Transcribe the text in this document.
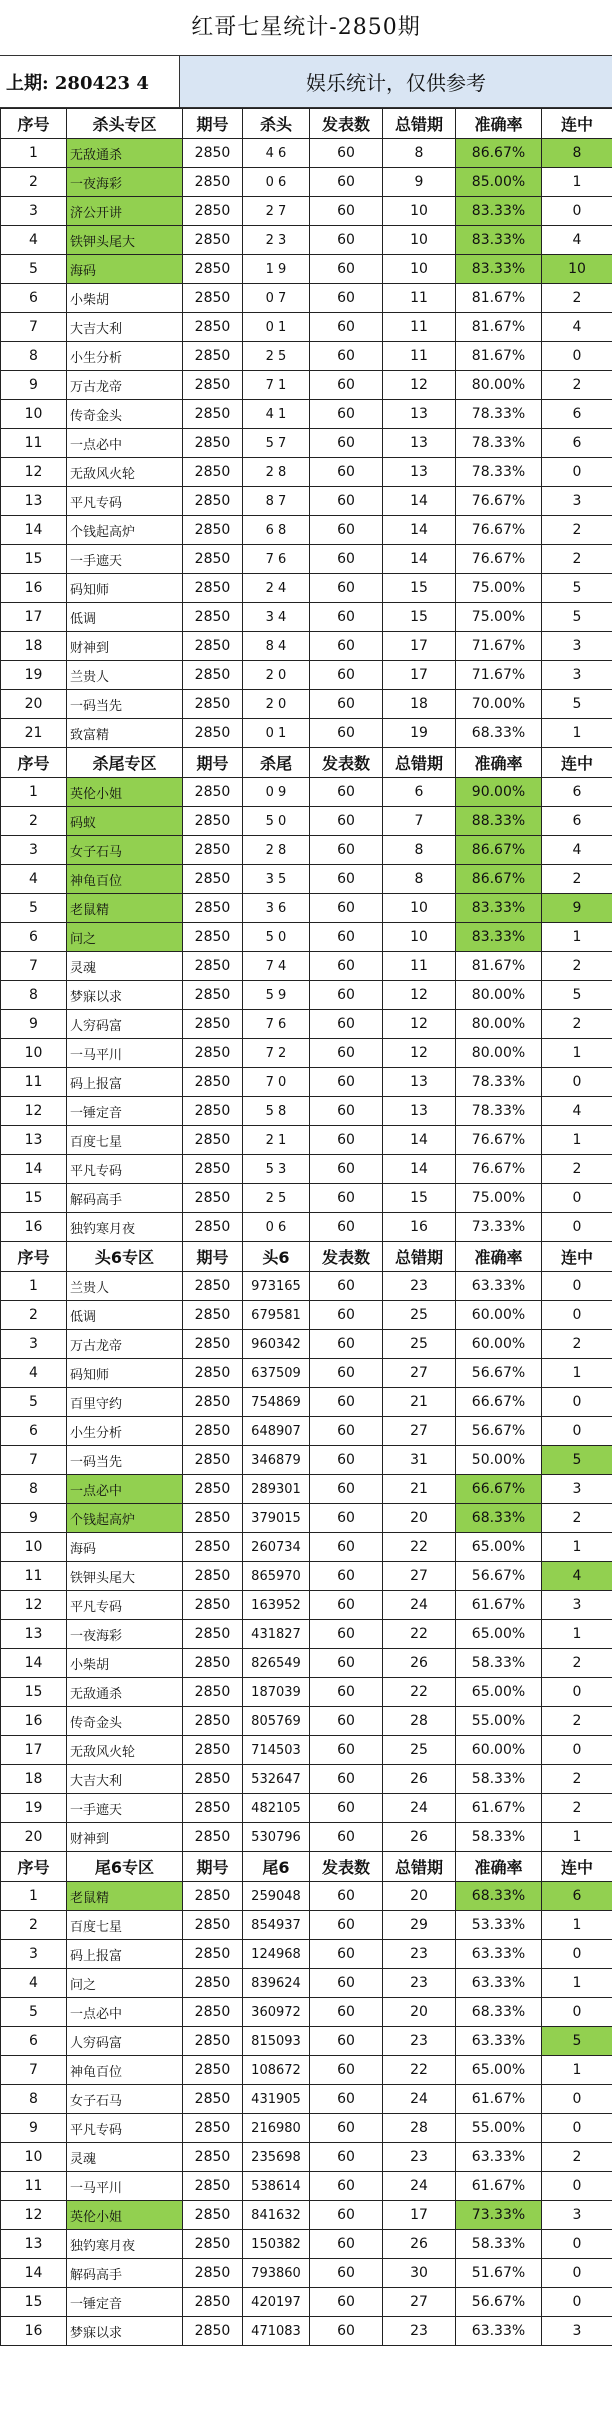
红哥七星统计-2850期
上期: 280423 4	娱乐统计，仅供参考
序号	杀头专区	期号	杀头	发表数	总错期	准确率	连中
1	无敌通杀	2850	4 6	60	8	86.67%	8
2	一夜海彩	2850	0 6	60	9	85.00%	1
3	济公开讲	2850	2 7	60	10	83.33%	0
4	铁钾头尾大	2850	2 3	60	10	83.33%	4
5	海码	2850	1 9	60	10	83.33%	10
6	小柴胡	2850	0 7	60	11	81.67%	2
7	大吉大利	2850	0 1	60	11	81.67%	4
8	小生分析	2850	2 5	60	11	81.67%	0
9	万古龙帝	2850	7 1	60	12	80.00%	2
10	传奇金头	2850	4 1	60	13	78.33%	6
11	一点必中	2850	5 7	60	13	78.33%	6
12	无敌风火轮	2850	2 8	60	13	78.33%	0
13	平凡专码	2850	8 7	60	14	76.67%	3
14	个钱起高炉	2850	6 8	60	14	76.67%	2
15	一手遮天	2850	7 6	60	14	76.67%	2
16	码知师	2850	2 4	60	15	75.00%	5
17	低调	2850	3 4	60	15	75.00%	5
18	财神到	2850	8 4	60	17	71.67%	3
19	兰贵人	2850	2 0	60	17	71.67%	3
20	一码当先	2850	2 0	60	18	70.00%	5
21	致富精	2850	0 1	60	19	68.33%	1
序号	杀尾专区	期号	杀尾	发表数	总错期	准确率	连中
1	英伦小姐	2850	0 9	60	6	90.00%	6
2	码蚁	2850	5 0	60	7	88.33%	6
3	女子石马	2850	2 8	60	8	86.67%	4
4	神龟百位	2850	3 5	60	8	86.67%	2
5	老鼠精	2850	3 6	60	10	83.33%	9
6	问之	2850	5 0	60	10	83.33%	1
7	灵魂	2850	7 4	60	11	81.67%	2
8	梦寐以求	2850	5 9	60	12	80.00%	5
9	人穷码富	2850	7 6	60	12	80.00%	2
10	一马平川	2850	7 2	60	12	80.00%	1
11	码上报富	2850	7 0	60	13	78.33%	0
12	一锤定音	2850	5 8	60	13	78.33%	4
13	百度七星	2850	2 1	60	14	76.67%	1
14	平凡专码	2850	5 3	60	14	76.67%	2
15	解码高手	2850	2 5	60	15	75.00%	0
16	独钓寒月夜	2850	0 6	60	16	73.33%	0
序号	头6专区	期号	头6	发表数	总错期	准确率	连中
1	兰贵人	2850	973165	60	23	63.33%	0
2	低调	2850	679581	60	25	60.00%	0
3	万古龙帝	2850	960342	60	25	60.00%	2
4	码知师	2850	637509	60	27	56.67%	1
5	百里守约	2850	754869	60	21	66.67%	0
6	小生分析	2850	648907	60	27	56.67%	0
7	一码当先	2850	346879	60	31	50.00%	5
8	一点必中	2850	289301	60	21	66.67%	3
9	个钱起高炉	2850	379015	60	20	68.33%	2
10	海码	2850	260734	60	22	65.00%	1
11	铁钾头尾大	2850	865970	60	27	56.67%	4
12	平凡专码	2850	163952	60	24	61.67%	3
13	一夜海彩	2850	431827	60	22	65.00%	1
14	小柴胡	2850	826549	60	26	58.33%	2
15	无敌通杀	2850	187039	60	22	65.00%	0
16	传奇金头	2850	805769	60	28	55.00%	2
17	无敌风火轮	2850	714503	60	25	60.00%	0
18	大吉大利	2850	532647	60	26	58.33%	2
19	一手遮天	2850	482105	60	24	61.67%	2
20	财神到	2850	530796	60	26	58.33%	1
序号	尾6专区	期号	尾6	发表数	总错期	准确率	连中
1	老鼠精	2850	259048	60	20	68.33%	6
2	百度七星	2850	854937	60	29	53.33%	1
3	码上报富	2850	124968	60	23	63.33%	0
4	问之	2850	839624	60	23	63.33%	1
5	一点必中	2850	360972	60	20	68.33%	0
6	人穷码富	2850	815093	60	23	63.33%	5
7	神龟百位	2850	108672	60	22	65.00%	1
8	女子石马	2850	431905	60	24	61.67%	0
9	平凡专码	2850	216980	60	28	55.00%	0
10	灵魂	2850	235698	60	23	63.33%	2
11	一马平川	2850	538614	60	24	61.67%	0
12	英伦小姐	2850	841632	60	17	73.33%	3
13	独钓寒月夜	2850	150382	60	26	58.33%	0
14	解码高手	2850	793860	60	30	51.67%	0
15	一锤定音	2850	420197	60	27	56.67%	0
16	梦寐以求	2850	471083	60	23	63.33%	3
